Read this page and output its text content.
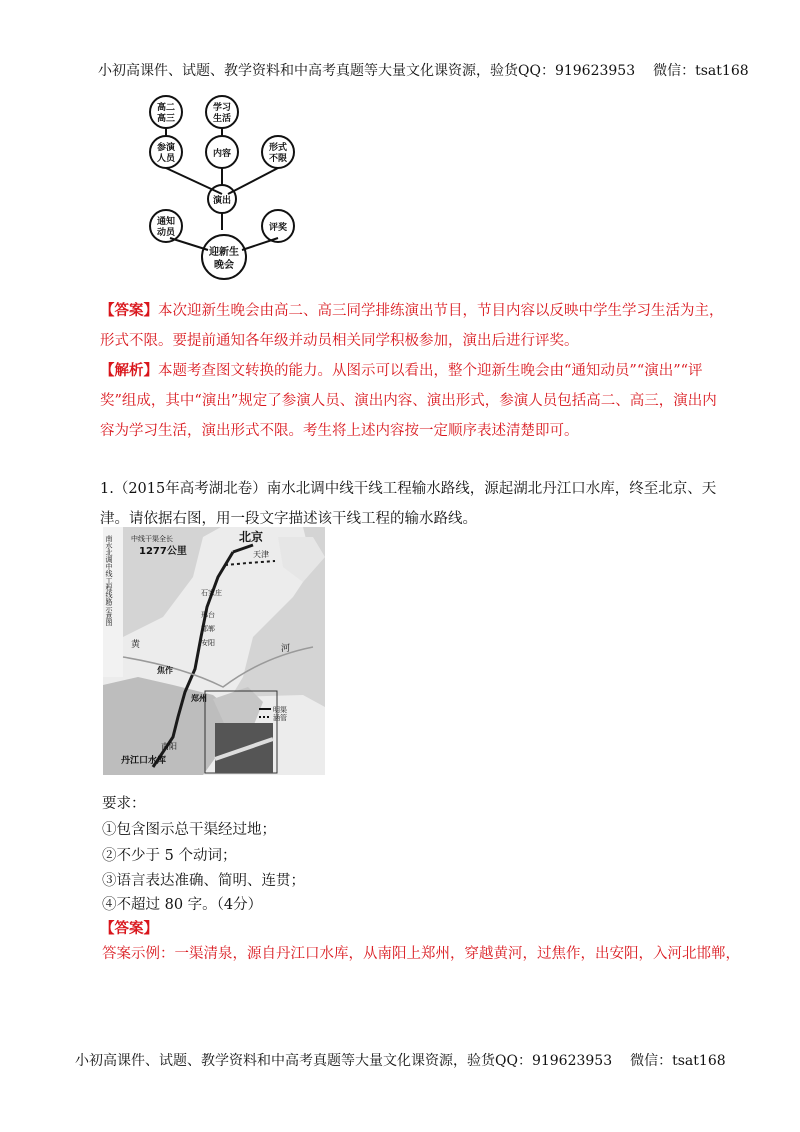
小初高课件、试题、教学资料和中高考真题等大量文化课资源，验货QQ：919623953 微信：tsat168
高二
高三
学习
生活
参演
人员	内容
形式
不限
演出
通知
动员	评奖
迎新生
晚会
【答案】本次迎新生晚会由高二、高三同学排练演出节目，节目内容以反映中学生学习生活为主，形式不限。要提前通知各年级并动员相关同学积极参加，演出后进行评奖。
【解析】本题考查图文转换的能力。从图示可以看出，整个迎新生晚会由“通知动员”“演出”“评奖”组成，其中“演出”规定了参演人员、演出内容、演出形式，参演人员包括高二、高三，演出内容为学习生活，演出形式不限。考生将上述内容按一定顺序表述清楚即可。
1.（2015年高考湖北卷）南水北调中线干线工程输水路线，源起湖北丹江口水库，终至北京、天津。请依据右图，用一段文字描述该干线工程的输水路线。
南水北调中线工程线路示意图	中线干渠全长
1277公里
北京
天津
石家庄
邢台
邯郸
安阳
焦作
郑州
南阳
丹江口水库
黄	河
明渠
涵管
要求：
①包含图示总干渠经过地；
②不少于 5 个动词；
③语言表达准确、简明、连贯；
④不超过 80 字。（4分）
【答案】
答案示例：一渠清泉，源自丹江口水库，从南阳上郑州，穿越黄河，过焦作，出安阳，入河北邯郸，
小初高课件、试题、教学资料和中高考真题等大量文化课资源，验货QQ：919623953 微信：tsat168
